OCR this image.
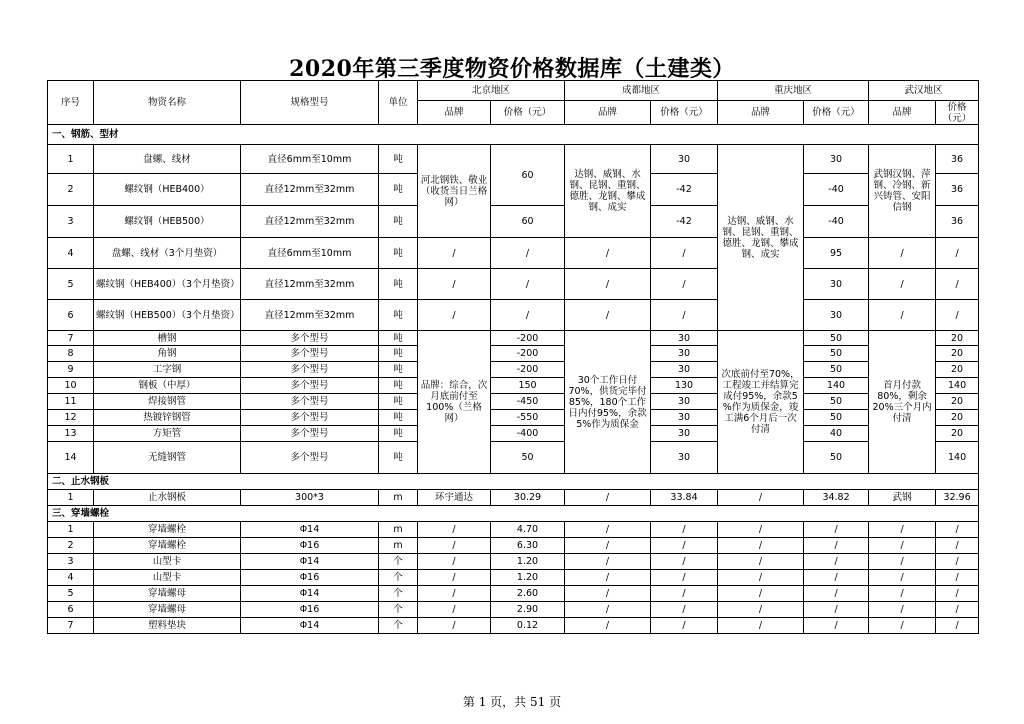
2020年第三季度物资价格数据库（土建类）
序号	物资名称	规格型号	单位	北京地区		成都地区		重庆地区		武汉地区	
				品牌	价格（元）	品牌	价格（元）	品牌	价格（元）	品牌	价格（元）
一、钢筋、型材											
1	盘螺、线材	直径6mm至10mm	吨	河北钢铁、敬业（收货当日兰格网）	60	达钢、威钢、水钢、昆钢、重钢、德胜、龙钢、攀成钢、成实	30	达钢、威钢、水钢、昆钢、重钢、德胜、龙钢、攀成钢、成实	30	武钢汉钢、萍钢、冷钢、新兴铸管、安阳信钢	36
2	螺纹钢（HEB400）	直径12mm至32mm	吨				-42		-40		36
3	螺纹钢（HEB500）	直径12mm至32mm	吨		60		-42		-40		36
4	盘螺、线材（3个月垫资）	直径6mm至10mm	吨	/	/	/	/		95	/	/
5	螺纹钢（HEB400）（3个月垫资）	直径12mm至32mm	吨	/	/	/	/		30	/	/
6	螺纹钢（HEB500）（3个月垫资）	直径12mm至32mm	吨	/	/	/	/		30	/	/
7	槽钢	多个型号	吨	品牌：综合，次月底前付至100%（兰格网）	-200	30个工作日付70%，供货完毕付85%，180个工作日内付95%，余款5%作为质保金	30	次底前付至70%，工程竣工并结算完成付95%，余款5 %作为质保金，竣工满6个月后一次付清	50	首月付款80%，剩余20%三个月内付清	20
8	角钢	多个型号	吨		-200		30		50		20
9	工字钢	多个型号	吨		-200		30		50		20
10	钢板（中厚）	多个型号	吨		150		130		140		140
11	焊接钢管	多个型号	吨		-450		30		50		20
12	热镀锌钢管	多个型号	吨		-550		30		50		20
13	方矩管	多个型号	吨		-400		30		40		20
14	无缝钢管	多个型号	吨		50		30		50		140
二、止水钢板											
1	止水钢板	300*3	m	环宇通达	30.29	/	33.84	/	34.82	武钢	32.96
三、穿墙螺栓											
1	穿墙螺栓	Φ14	m	/	4.70	/	/	/	/	/	/
2	穿墙螺栓	Φ16	m	/	6.30	/	/	/	/	/	/
3	山型卡	Φ14	个	/	1.20	/	/	/	/	/	/
4	山型卡	Φ16	个	/	1.20	/	/	/	/	/	/
5	穿墙螺母	Φ14	个	/	2.60	/	/	/	/	/	/
6	穿墙螺母	Φ16	个	/	2.90	/	/	/	/	/	/
7	塑料垫块	Φ14	个	/	0.12	/	/	/	/	/	/
第 1 页，共 51 页
